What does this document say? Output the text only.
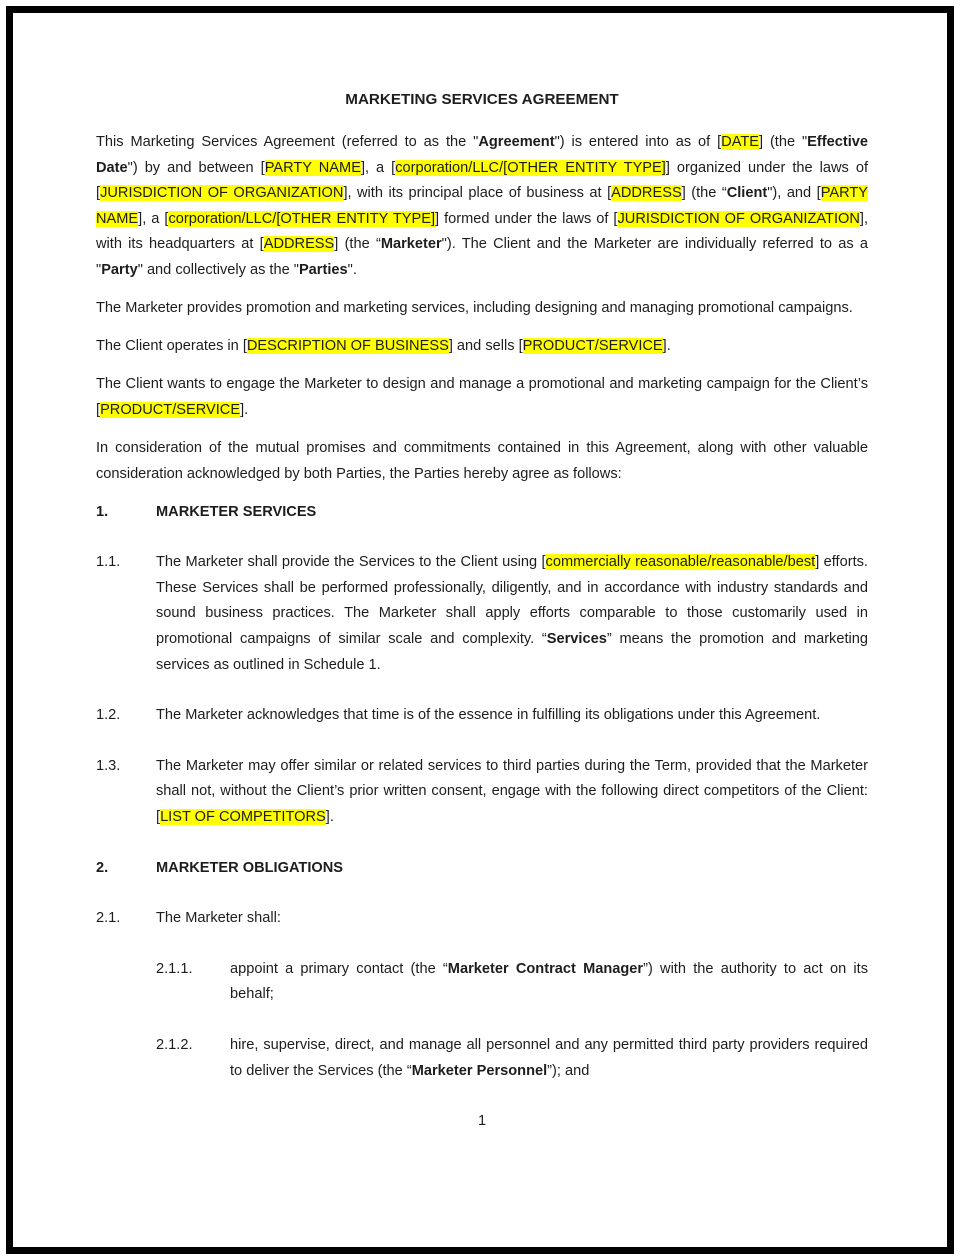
MARKETING SERVICES AGREEMENT

This Marketing Services Agreement (referred to as the "Agreement") is entered into as of [DATE] (the "Effective Date") by and between [PARTY NAME], a [corporation/LLC/[OTHER ENTITY TYPE]] organized under the laws of [JURISDICTION OF ORGANIZATION], with its principal place of business at [ADDRESS] (the “Client"), and [PARTY NAME], a [corporation/LLC/[OTHER ENTITY TYPE]] formed under the laws of [JURISDICTION OF ORGANIZATION], with its headquarters at [ADDRESS] (the “Marketer"). The Client and the Marketer are individually referred to as a "Party" and collectively as the "Parties".

The Marketer provides promotion and marketing services, including designing and managing promotional campaigns.

The Client operates in [DESCRIPTION OF BUSINESS] and sells [PRODUCT/SERVICE].

The Client wants to engage the Marketer to design and manage a promotional and marketing campaign for the Client’s [PRODUCT/SERVICE].

In consideration of the mutual promises and commitments contained in this Agreement, along with other valuable consideration acknowledged by both Parties, the Parties hereby agree as follows:

1.	MARKETER SERVICES
1.1.	The Marketer shall provide the Services to the Client using [commercially reasonable/reasonable/best] efforts. These Services shall be performed professionally, diligently, and in accordance with industry standards and sound business practices. The Marketer shall apply efforts comparable to those customarily used in promotional campaigns of similar scale and complexity. “Services” means the promotion and marketing services as outlined in Schedule 1.
1.2.	The Marketer acknowledges that time is of the essence in fulfilling its obligations under this Agreement.
1.3.	The Marketer may offer similar or related services to third parties during the Term, provided that the Marketer shall not, without the Client’s prior written consent, engage with the following direct competitors of the Client: [LIST OF COMPETITORS].
2.	MARKETER OBLIGATIONS
2.1.	The Marketer shall:
2.1.1.	appoint a primary contact (the “Marketer Contract Manager”) with the authority to act on its behalf;
2.1.2.	hire, supervise, direct, and manage all personnel and any permitted third party providers required to deliver the Services (the “Marketer Personnel”); and
1
